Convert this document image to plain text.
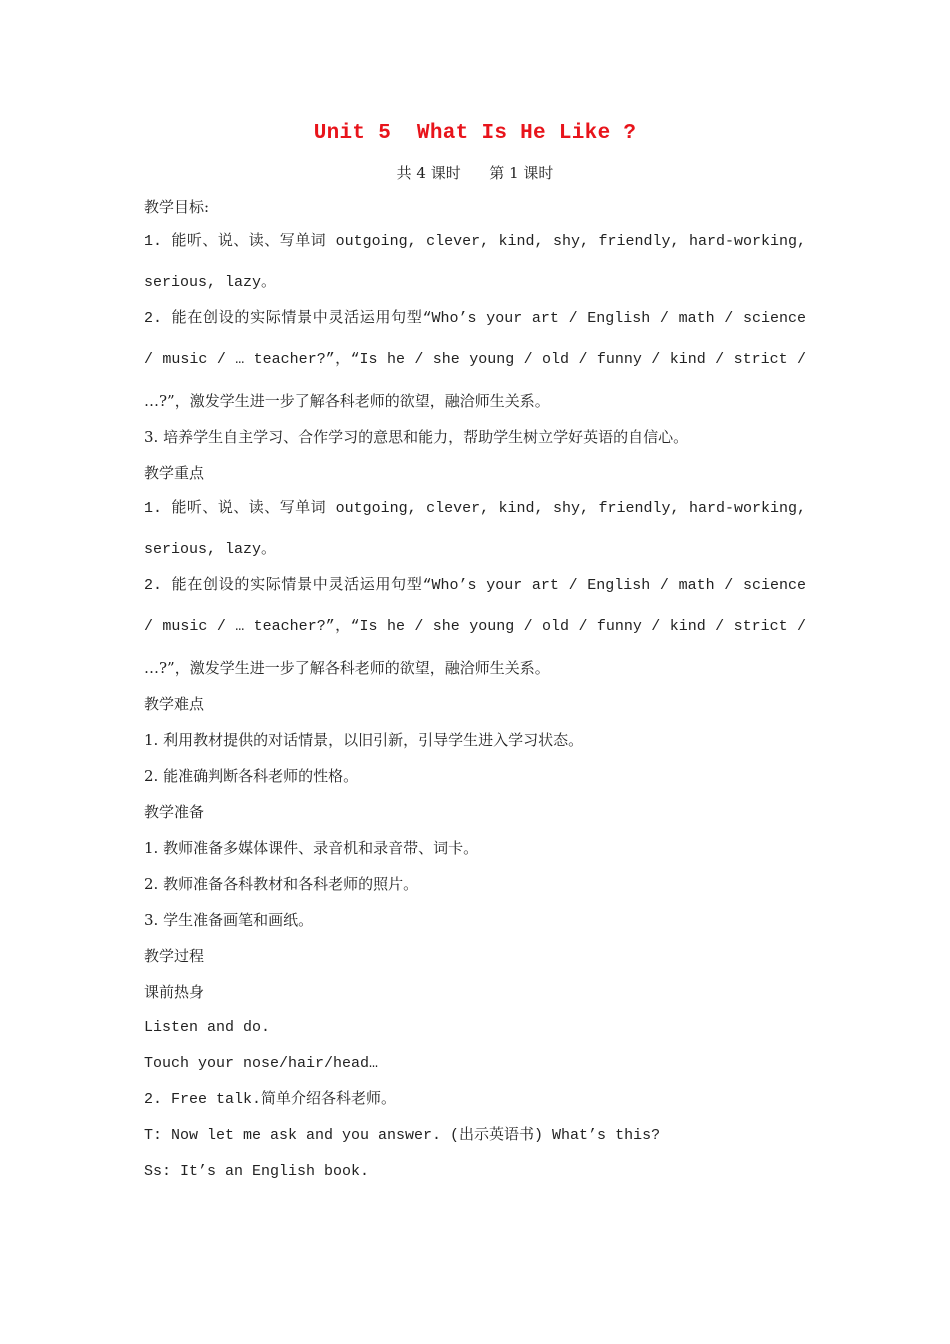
Unit 5  What Is He Like ?
共 4 课时      第 1 课时
教学目标:
1. 能听、说、读、写单词 outgoing, clever, kind, shy, friendly, hard-working,
serious, lazy。
2. 能在创设的实际情景中灵活运用句型“Who’s your art / English / math / science
/ music / … teacher?”，“Is he / she young / old / funny / kind / strict /
…?”，激发学生进一步了解各科老师的欲望，融洽师生关系。
3. 培养学生自主学习、合作学习的意思和能力，帮助学生树立学好英语的自信心。
教学重点
1. 能听、说、读、写单词 outgoing, clever, kind, shy, friendly, hard-working,
serious, lazy。
2. 能在创设的实际情景中灵活运用句型“Who’s your art / English / math / science
/ music / … teacher?”，“Is he / she young / old / funny / kind / strict /
…?”，激发学生进一步了解各科老师的欲望，融洽师生关系。
教学难点
1. 利用教材提供的对话情景，以旧引新，引导学生进入学习状态。
2. 能准确判断各科老师的性格。
教学准备
1. 教师准备多媒体课件、录音机和录音带、词卡。
2. 教师准备各科教材和各科老师的照片。
3. 学生准备画笔和画纸。
教学过程
课前热身
Listen and do.
Touch your nose/hair/head…
2. Free talk.简单介绍各科老师。
T: Now let me ask and you answer. (出示英语书) What’s this?
Ss: It’s an English book.
